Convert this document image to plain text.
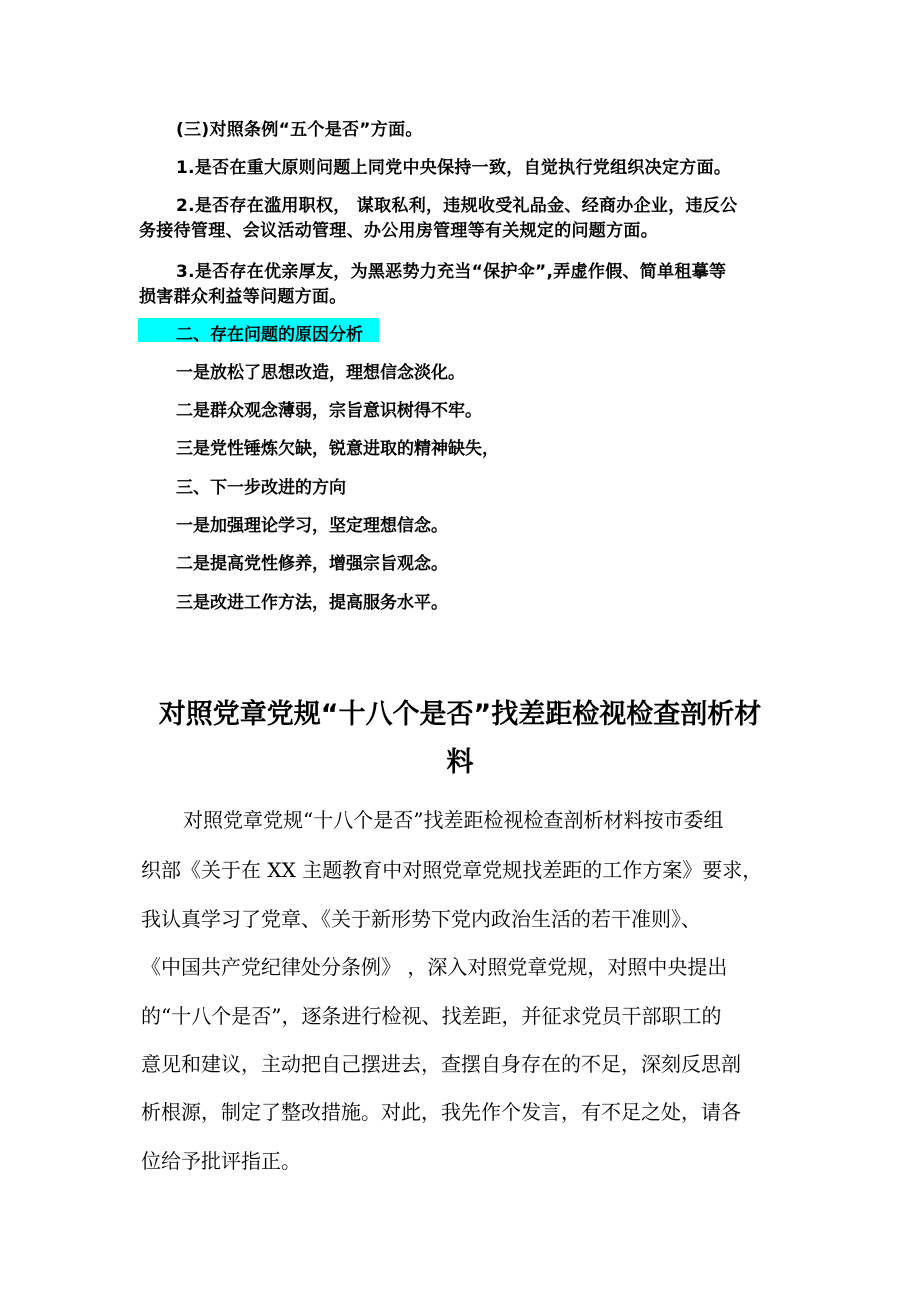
(三)对照条例“五个是否”方面。

1.是否在重大原则问题上同党中央保持一致，自觉执行党组织决定方面。

2.是否存在滥用职权， 谋取私利，违规收受礼品金、经商办企业，违反公

务接待管理、会议活动管理、办公用房管理等有关规定的问题方面。

3.是否存在优亲厚友，为黑恶势力充当“保护伞”,弄虚作假、简单租摹等

损害群众利益等问题方面。

二、存在问题的原因分析

一是放松了思想改造，理想信念淡化。

二是群众观念薄弱，宗旨意识树得不牢。

三是党性锤炼欠缺，锐意进取的精神缺失，

三、下一步改进的方向

一是加强理论学习，坚定理想信念。

二是提高党性修养，增强宗旨观念。

三是改进工作方法，提高服务水平。

对照党章党规“十八个是否”找差距检视检查剖析材
料
对照党章党规“十八个是否”找差距检视检查剖析材料按市委组
织部《关于在 XX 主题教育中对照党章党规找差距的工作方案》要求，
我认真学习了党章、《关于新形势下党内政治生活的若干准则》、
《中国共产党纪律处分条例》 ，深入对照党章党规，对照中央提出
的“十八个是否”，逐条进行检视、找差距，并征求党员干部职工的
意见和建议，主动把自己摆进去，查摆自身存在的不足，深刻反思剖
析根源，制定了整改措施。对此，我先作个发言，有不足之处，请各
位给予批评指正。
